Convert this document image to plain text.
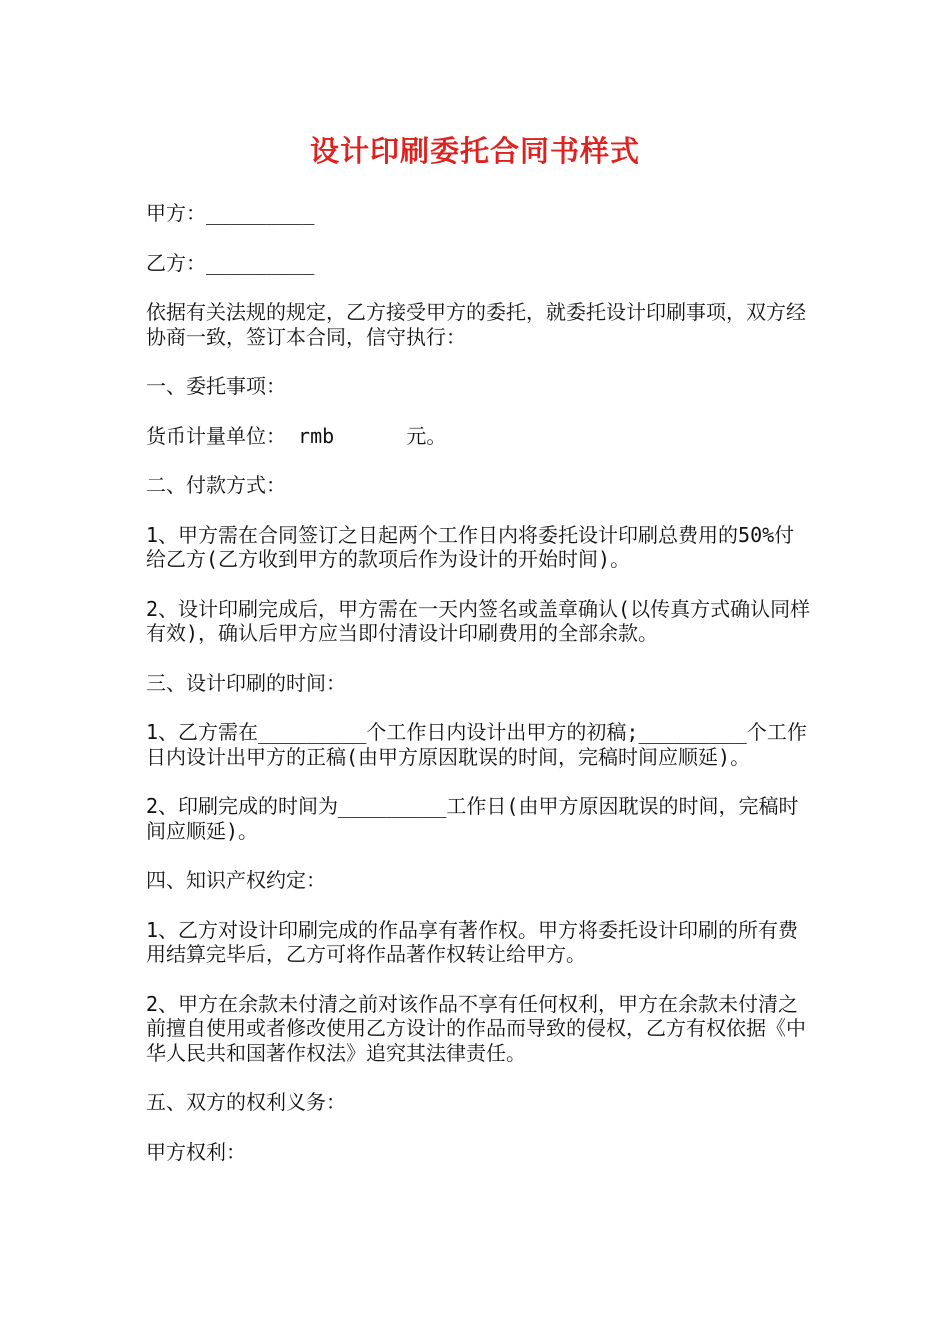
设计印刷委托合同书样式

甲方：_________

乙方：_________

依据有关法规的规定，乙方接受甲方的委托，就委托设计印刷事项，双方经协商一致，签订本合同，信守执行：

一、委托事项：

货币计量单位： rmb      元。

二、付款方式：

1、甲方需在合同签订之日起两个工作日内将委托设计印刷总费用的50%付给乙方(乙方收到甲方的款项后作为设计的开始时间)。

2、设计印刷完成后，甲方需在一天内签名或盖章确认(以传真方式确认同样有效)，确认后甲方应当即付清设计印刷费用的全部余款。

三、设计印刷的时间：

1、乙方需在_________个工作日内设计出甲方的初稿;_________个工作日内设计出甲方的正稿(由甲方原因耽误的时间，完稿时间应顺延)。

2、印刷完成的时间为_________工作日(由甲方原因耽误的时间，完稿时间应顺延)。

四、知识产权约定：

1、乙方对设计印刷完成的作品享有著作权。甲方将委托设计印刷的所有费用结算完毕后，乙方可将作品著作权转让给甲方。

2、甲方在余款未付清之前对该作品不享有任何权利，甲方在余款未付清之前擅自使用或者修改使用乙方设计的作品而导致的侵权，乙方有权依据《中华人民共和国著作权法》追究其法律责任。

五、双方的权利义务：

甲方权利：
